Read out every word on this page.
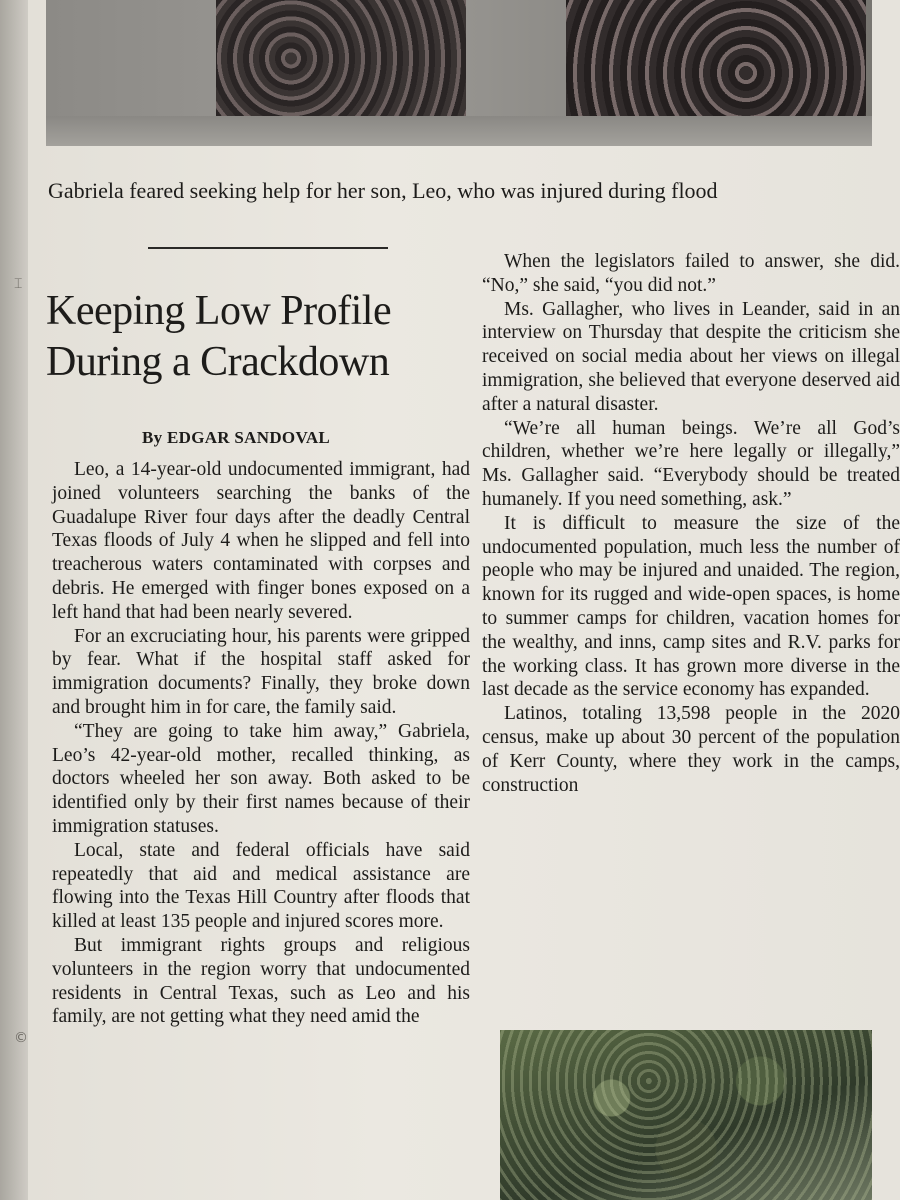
Gabriela feared seeking help for her son, Leo, who was injured during flood
⌶
©
Keeping Low Profile
During a Crackdown
By EDGAR SANDOVAL

Leo, a 14-year-old undocumented immigrant, had joined volunteers searching the banks of the Guadalupe River four days after the deadly Central Texas floods of July 4 when he slipped and fell into treacherous waters contaminated with corpses and debris. He emerged with finger bones exposed on a left hand that had been nearly severed.

For an excruciating hour, his parents were gripped by fear. What if the hospital staff asked for immigration documents? Finally, they broke down and brought him in for care, the family said.

“They are going to take him away,” Gabriela, Leo’s 42-year-old mother, recalled thinking, as doctors wheeled her son away. Both asked to be identified only by their first names because of their immigration statuses.

Local, state and federal officials have said repeatedly that aid and medical assistance are flowing into the Texas Hill Country after floods that killed at least 135 people and injured scores more.

But immigrant rights groups and religious volunteers in the region worry that undocumented residents in Central Texas, such as Leo and his family, are not getting what they need amid the

When the legislators failed to answer, she did. “No,” she said, “you did not.”

Ms. Gallagher, who lives in Leander, said in an interview on Thursday that despite the criticism she received on social media about her views on illegal immigration, she believed that everyone deserved aid after a natural disaster.

“We’re all human beings. We’re all God’s children, whether we’re here legally or illegally,” Ms. Gallagher said. “Everybody should be treated humanely. If you need something, ask.”

It is difficult to measure the size of the undocumented population, much less the number of people who may be injured and unaided. The region, known for its rugged and wide-open spaces, is home to summer camps for children, vacation homes for the wealthy, and inns, camp sites and R.V. parks for the working class. It has grown more diverse in the last decade as the service economy has expanded.

Latinos, totaling 13,598 people in the 2020 census, make up about 30 percent of the population of Kerr County, where they work in the camps, construction
